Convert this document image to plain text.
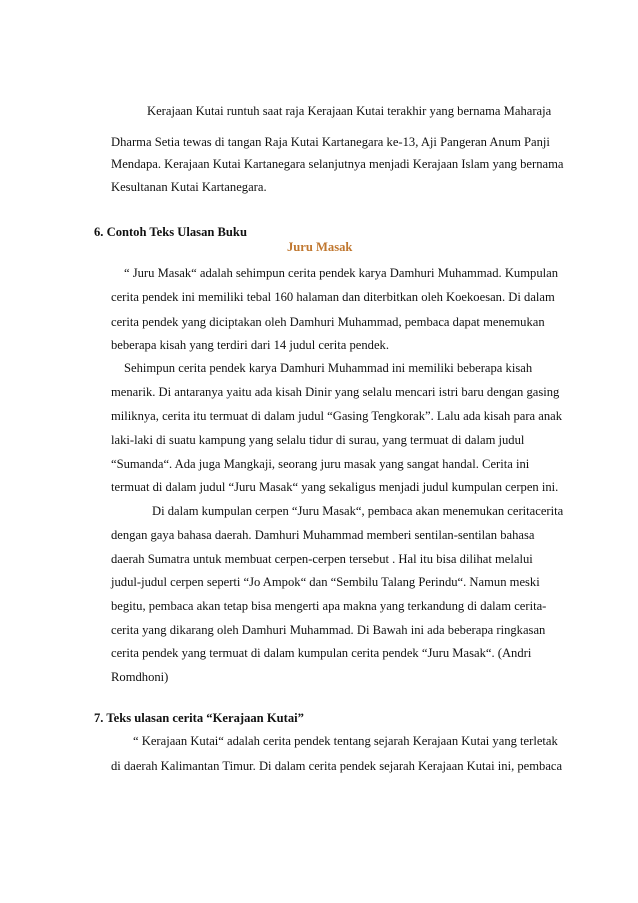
Kerajaan Kutai runtuh saat raja Kerajaan Kutai terakhir yang bernama Maharaja
Dharma Setia tewas di tangan Raja Kutai Kartanegara ke-13, Aji Pangeran Anum Panji
Mendapa. Kerajaan Kutai Kartanegara selanjutnya menjadi Kerajaan Islam yang bernama
Kesultanan Kutai Kartanegara.
6. Contoh Teks Ulasan Buku
Juru Masak
“ Juru Masak“ adalah sehimpun cerita pendek karya Damhuri Muhammad. Kumpulan
cerita pendek ini memiliki tebal 160 halaman dan diterbitkan oleh Koekoesan. Di dalam
cerita pendek yang diciptakan oleh Damhuri Muhammad, pembaca dapat menemukan
beberapa kisah yang terdiri dari 14 judul cerita pendek.
Sehimpun cerita pendek karya Damhuri Muhammad ini memiliki beberapa kisah
menarik. Di antaranya yaitu ada kisah Dinir yang selalu mencari istri baru dengan gasing
miliknya, cerita itu termuat di dalam judul “Gasing Tengkorak”. Lalu ada kisah para anak
laki-laki di suatu kampung yang selalu tidur di surau, yang termuat di dalam judul
“Sumanda“. Ada juga Mangkaji, seorang juru masak yang sangat handal. Cerita ini
termuat di dalam judul “Juru Masak“ yang sekaligus menjadi judul kumpulan cerpen ini.
Di dalam kumpulan cerpen “Juru Masak“, pembaca akan menemukan ceritacerita
dengan gaya bahasa daerah. Damhuri Muhammad memberi sentilan-sentilan bahasa
daerah Sumatra untuk membuat cerpen-cerpen tersebut . Hal itu bisa dilihat melalui
judul-judul cerpen seperti “Jo Ampok“ dan “Sembilu Talang Perindu“. Namun meski
begitu, pembaca akan tetap bisa mengerti apa makna yang terkandung di dalam cerita-
cerita yang dikarang oleh Damhuri Muhammad. Di Bawah ini ada beberapa ringkasan
cerita pendek yang termuat di dalam kumpulan cerita pendek “Juru Masak“. (Andri
Romdhoni)
7. Teks ulasan cerita “Kerajaan Kutai”
“ Kerajaan Kutai“ adalah cerita pendek tentang sejarah Kerajaan Kutai yang terletak
di daerah Kalimantan Timur. Di dalam cerita pendek sejarah Kerajaan Kutai ini, pembaca
